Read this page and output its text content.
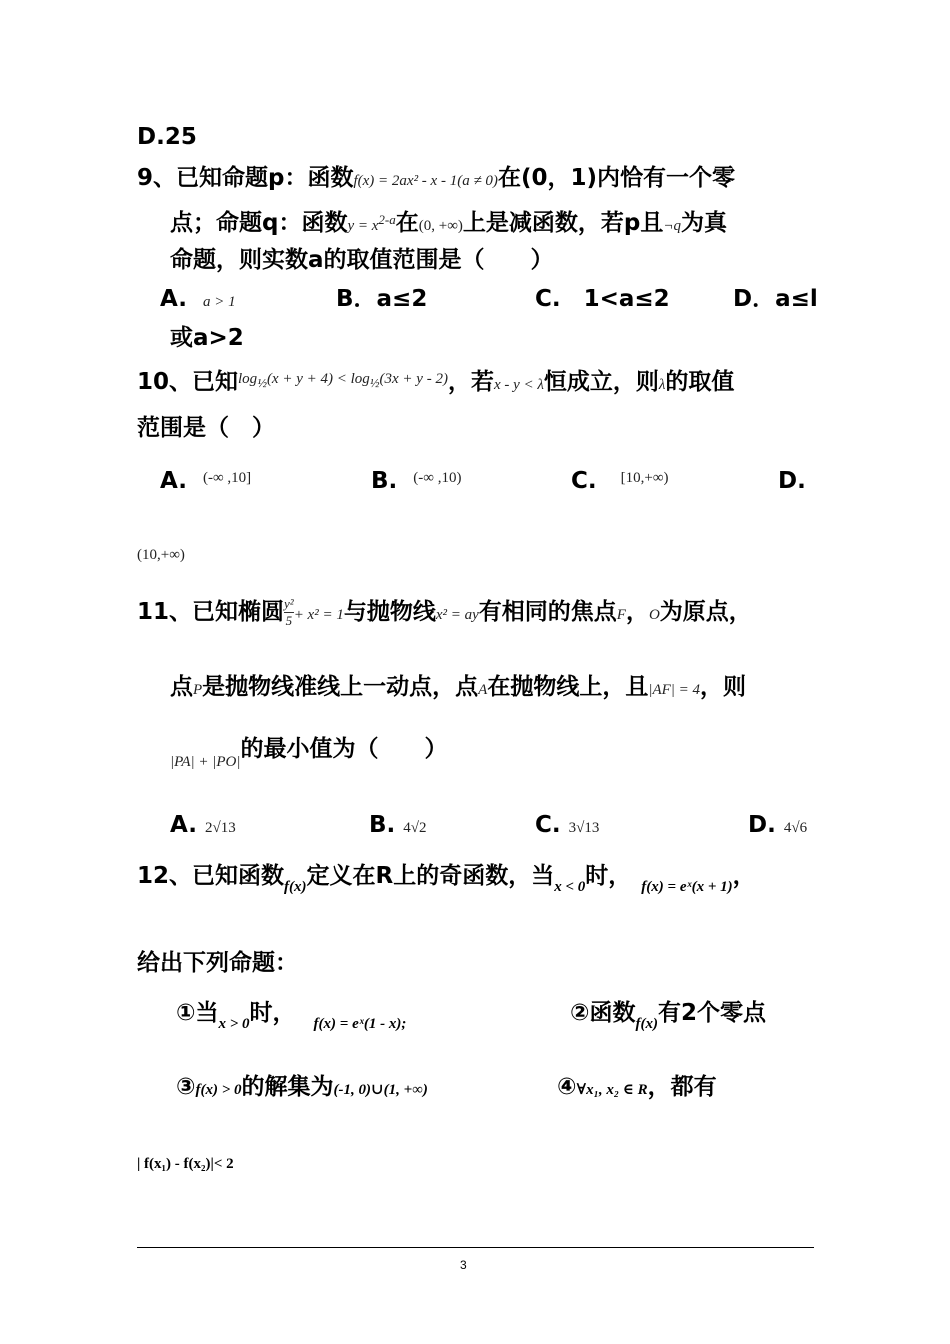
D.25
9、已知命题p：函数f(x) = 2ax² - x - 1(a ≠ 0)在(0，1)内恰有一个零
点；命题q：函数$y = x^{2-a}$在(0, +∞)上是减函数，若p且¬q为真
命题，则实数a的取值范围是（　　）
A. a > 1	B．a≤2	C.　1<a≤2	D．a≤l
或a>2
10、已知$^{log_{\frac{1}{2}}(x + y + 4) < log_{\frac{1}{2}}(3x + y - 2)}$，若x - y < λ恒成立，则λ的取值
范围是（　）
A. $^{(-\infty ,10]}$	B. $^{(-\infty ,10)}$	C. $^{[10,+\infty)}$	D.
(10,+∞)
11、已知椭圆 $\frac{\text{y²}}{5} + x^2 = 1$与抛物线x² = ay有相同的焦点F，O为原点，
点P是抛物线准线上一动点，点A在抛物线上，且|AF| = 4，则
$_{|PA| + |PO|}$的最小值为（　　）
A. 2√13	B. 4√2	C. 3√13	D. 4√6
12、已知函数$_{f(x)}$定义在R上的奇函数，当$_{x < 0}$时， $_{f(x) = eˣ(x + 1)}$，
给出下列命题：
①当$_{x > 0}$时， $_{f(x) = eˣ(1 - x);}$	②函数$_{f(x)}$有2个零点
③f(x) > 0的解集为(-1, 0)∪(1, +∞)	④∀x₁, x₂ ∈ R，都有
| f(x₁) - f(x₂)|< 2
3
